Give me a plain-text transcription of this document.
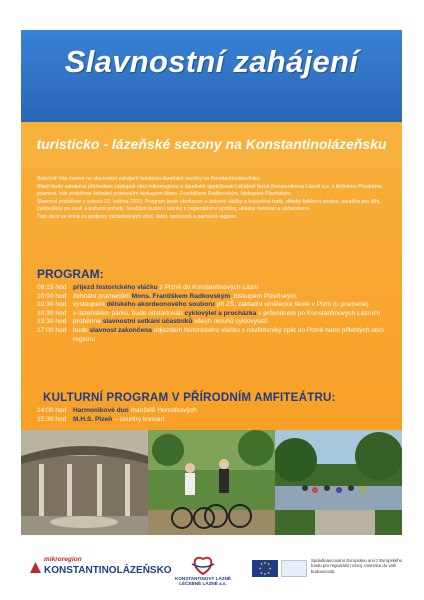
Slavnostní zahájení
turisticko - lázeňské sezony na Konstantinolázeňsku

Srdečně Vás zveme na slavnostní zahájení turisticko-lázeňské sezóny na Konstantinolázeňsku.

Slavit bude zahájena příchodem zástupců obcí mikroregionu a lázeňské společnosti Léčebné lázně Konstantinovy Lázně a.s. k léčivému Pruskému prameni, kde proběhne žehnání pramenům biskupem Mons. Františkem Radkovským, biskupem Plzeňským.

Slavnost proběhne v sobotu 22. května 2010. Program bude obohacen o dobové vláčky a historické tratě, dětský folklorní soubor, soutěže pro děti, cyklovýlety po okolí a kulturní pořady. Součástí budou i stánky s regionálními výrobky, ukázky řemesel a občerstvení.

Tato akce se koná za podpory zúčastněných obcí, lázní, sponzorů a partnerů regionu.

PROGRAM:
09:15 hod	příjezd historického vláčku z Plzně do Konstantinových Lázní
10:00 hod	žehnání pramenům Mons. Františkem Radkovským, biskupem Plzeňským.
10:30 hod	vystoupení dětského akordeonového souboru při ZŠ, základní umělecké škole v Plzni (u pramene)
10:30 hod	v lázeňském parku, bude odstartován cyklovýlet a procházka s průvodcem po Konstantinových Lázních
13:30 hod	proběhne slavnostní setkání účastníků všech okruhů cyklovýletů
17:00 hod	bude slavnost zakončena odjezdem historického vláčku s návštěvníky zpět do Plzně nebo přilehlých obcí regionu
KULTURNÍ PROGRAM V PŘÍRODNÍM AMFITEÁTRU:
14:00 hod	Harmonikové duo manželů Homolkových
15:30 hod	M.H.S. Plzeň – country koncert
mikroregion
KONSTANTINOLÁZEŇSKO
KONSTANTINOVY LÁZNĚ
LÉČEBNÉ LÁZNĚ a.s.
Spolufinancováno Evropskou unií z Evropského fondu pro regionální rozvoj. Investice do vaší budoucnosti.
